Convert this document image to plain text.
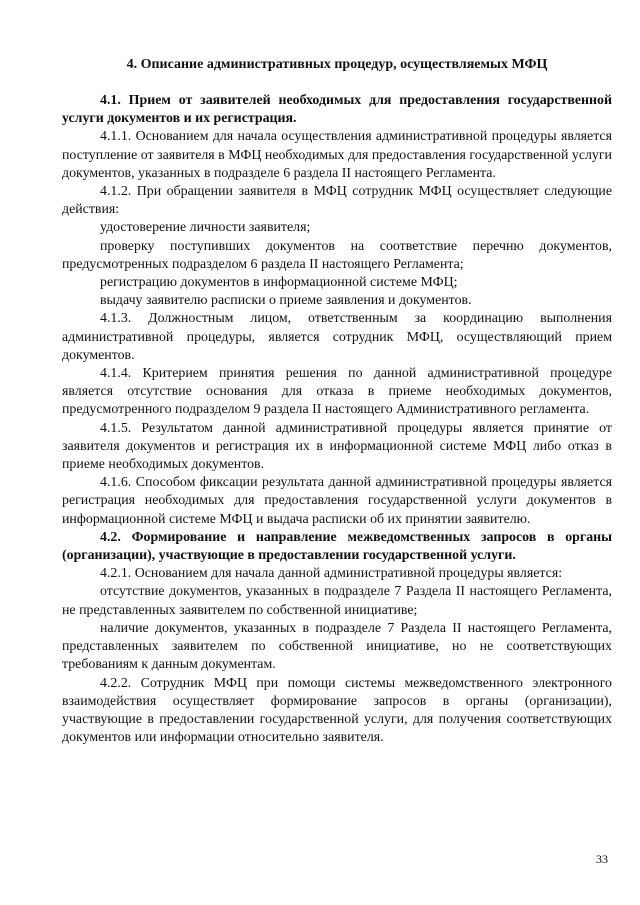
4. Описание административных процедур, осуществляемых МФЦ

4.1. Прием от заявителей необходимых для предоставления государственной услуги документов и их регистрация.

4.1.1. Основанием для начала осуществления административной процедуры является поступление от заявителя в МФЦ необходимых для предоставления государственной услуги документов, указанных в подразделе 6 раздела II настоящего Регламента.

4.1.2. При обращении заявителя в МФЦ сотрудник МФЦ осуществляет следующие действия:

удостоверение личности заявителя;

проверку поступивших документов на соответствие перечню документов, предусмотренных подразделом 6 раздела II настоящего Регламента;

регистрацию документов в информационной системе МФЦ;

выдачу заявителю расписки о приеме заявления и документов.

4.1.3. Должностным лицом, ответственным за координацию выполнения административной процедуры, является сотрудник МФЦ, осуществляющий прием документов.

4.1.4. Критерием принятия решения по данной административной процедуре является отсутствие основания для отказа в приеме необходимых документов, предусмотренного подразделом 9 раздела II настоящего Административного регламента.

4.1.5. Результатом данной административной процедуры является принятие от заявителя документов и регистрация их в информационной системе МФЦ либо отказ в приеме необходимых документов.

4.1.6. Способом фиксации результата данной административной процедуры является регистрация необходимых для предоставления государственной услуги документов в информационной системе МФЦ и выдача расписки об их принятии заявителю.

4.2. Формирование и направление межведомственных запросов в органы (организации), участвующие в предоставлении государственной услуги.

4.2.1. Основанием для начала данной административной процедуры является:

отсутствие документов, указанных в подразделе 7 Раздела II настоящего Регламента, не представленных заявителем по собственной инициативе;

наличие документов, указанных в подразделе 7 Раздела II настоящего Регламента, представленных заявителем по собственной инициативе, но не соответствующих требованиям к данным документам.

4.2.2. Сотрудник МФЦ при помощи системы межведомственного электронного взаимодействия осуществляет формирование запросов в органы (организации), участвующие в предоставлении государственной услуги, для получения соответствующих документов или информации относительно заявителя.

33
